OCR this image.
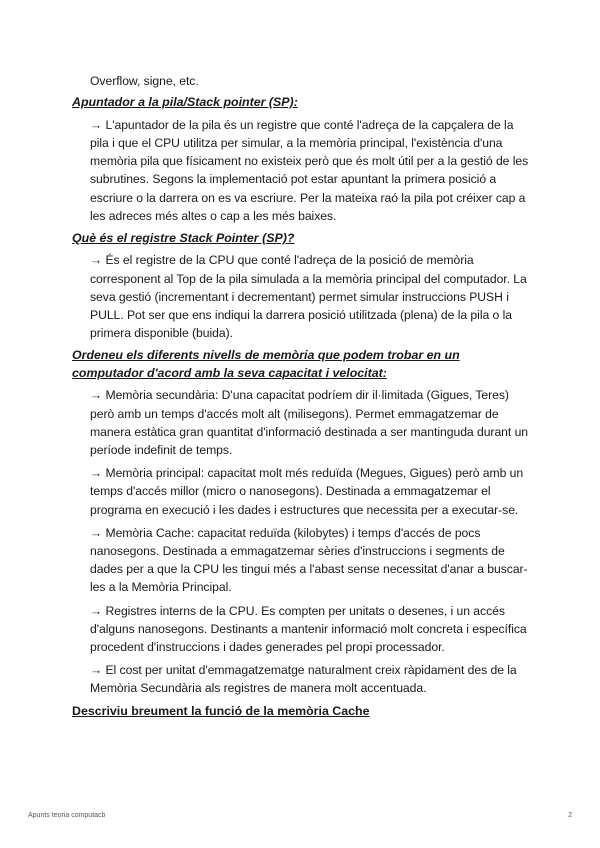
Overflow, signe, etc.

Apuntador a la pila/Stack pointer (SP):

→ L'apuntador de la pila és un registre que conté l'adreça de la capçalera de la pila i que el CPU utilitza per simular, a la memòria principal, l'existència d'una memòria pila que físicament no existeix però que és molt útil per a la gestió de les subrutines. Segons la implementació pot estar apuntant la primera posició a escriure o la darrera on es va escriure. Per la mateixa raó la pila pot créixer cap a les adreces més altes o cap a les més baixes.

Què és el registre Stack Pointer (SP)?

→ És el registre de la CPU que conté l'adreça de la posició de memòria corresponent al Top de la pila simulada a la memòria principal del computador. La seva gestió (incrementant i decrementant) permet simular instruccions PUSH i PULL. Pot ser que ens indiqui la darrera posició utilitzada (plena) de la pila o la primera disponible (buida).

Ordeneu els diferents nivells de memòria que podem trobar en un computador d'acord amb la seva capacitat i velocitat:

→ Memòria secundària: D'una capacitat podríem dir il·limitada (Gigues, Teres) però amb un temps d'accés molt alt (milisegons). Permet emmagatzemar de manera estàtica gran quantitat d'informació destinada a ser mantinguda durant un període indefinit de temps.

→ Memòria principal: capacitat molt més reduïda (Megues, Gigues) però amb un temps d'accés millor (micro o nanosegons). Destinada a emmagatzemar el programa en execució i les dades i estructures que necessita per a executar-se.

→ Memòria Cache: capacitat reduïda (kilobytes) i temps d'accés de pocs nanosegons. Destinada a emmagatzemar sèries d'instruccions i segments de dades per a que la CPU les tingui més a l'abast sense necessitat d'anar a buscar-les a la Memòria Principal.

→ Registres interns de la CPU. Es compten per unitats o desenes, i un accés d'alguns nanosegons. Destinants a mantenir informació molt concreta i específica procedent d'instruccions i dades generades pel propi processador.

→ El cost per unitat d'emmagatzematge naturalment creix ràpidament des de la Memòria Secundària als registres de manera molt accentuada.

Descriviu breument la funció de la memòria Cache

Apunts teoria computacb	2
